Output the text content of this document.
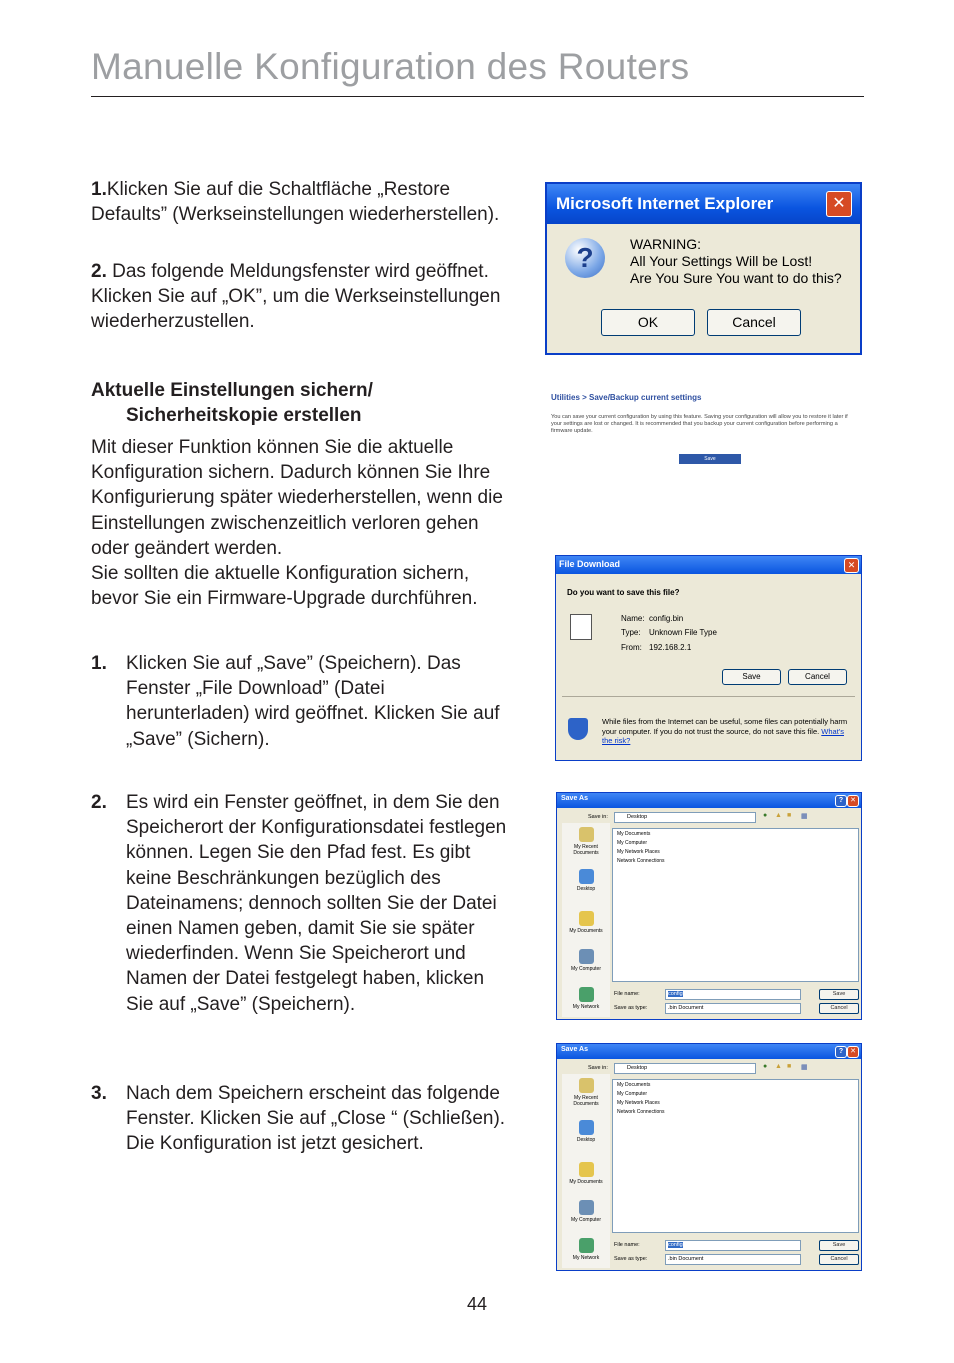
Manuelle Konfiguration des Routers
1.Klicken Sie auf die Schaltfläche „Restore Defaults” (Werkseinstellungen wiederherstellen).
2. Das folgende Meldungsfenster wird geöffnet. Klicken Sie auf „OK”, um die Werkseinstellungen wiederherzustellen.
Aktuelle Einstellungen sichern/
Sicherheitskopie erstellen
Mit dieser Funktion können Sie die aktuelle Konfiguration sichern. Dadurch können Sie Ihre Konfigurierung später wiederherstellen, wenn die Einstellungen zwischenzeitlich verloren gehen oder geändert werden.
Sie sollten die aktuelle Konfiguration sichern, bevor Sie ein Firmware-Upgrade durchführen.
1.	Klicken Sie auf „Save” (Speichern). Das Fenster „File Download” (Datei herunterladen) wird geöffnet. Klicken Sie auf „Save” (Sichern).
2.	Es wird ein Fenster geöffnet, in dem Sie den Speicherort der Konfigurationsdatei festlegen können. Legen Sie den Pfad fest. Es gibt keine Beschränkungen bezüglich des Dateinamens; dennoch sollten Sie der Datei einen Namen geben, damit Sie sie später wiederfinden. Wenn Sie Speicherort und Namen der Datei festgelegt haben, klicken Sie auf „Save” (Speichern).
3.	Nach dem Speichern erscheint das folgende Fenster. Klicken Sie auf „Close “ (Schließen). Die Konfiguration ist jetzt gesichert.
Microsoft Internet Explorer	✕
?	WARNING:
All Your Settings Will be Lost!
Are You Sure You want to do this?
OK	Cancel
Utilities > Save/Backup current settings
You can save your current configuration by using this feature. Saving your configuration will allow you to restore it later if your settings are lost or changed. It is recommended that you backup your current configuration before performing a firmware update.
Save
File Download	✕
Do you want to save this file?
Name: config.bin
Type: Unknown File Type
From: 192.168.2.1
Save	Cancel
While files from the Internet can be useful, some files can potentially harm your computer. If you do not trust the source, do not save this file. What's the risk?
Save As	? ✕
Save in:	Desktop	● ▲ ■ ▦
My Recent Documents
Desktop
My Documents
My Computer
My Network
My Documents
My Computer
My Network Places
Network Connections
File name:	config
Save as type:	.bin Document
Save
Cancel
Save As	? ✕
Save in:	Desktop	● ▲ ■ ▦
My Recent Documents
Desktop
My Documents
My Computer
My Network
My Documents
My Computer
My Network Places
Network Connections
File name:	config
Save as type:	.bin Document
Save
Cancel
44
